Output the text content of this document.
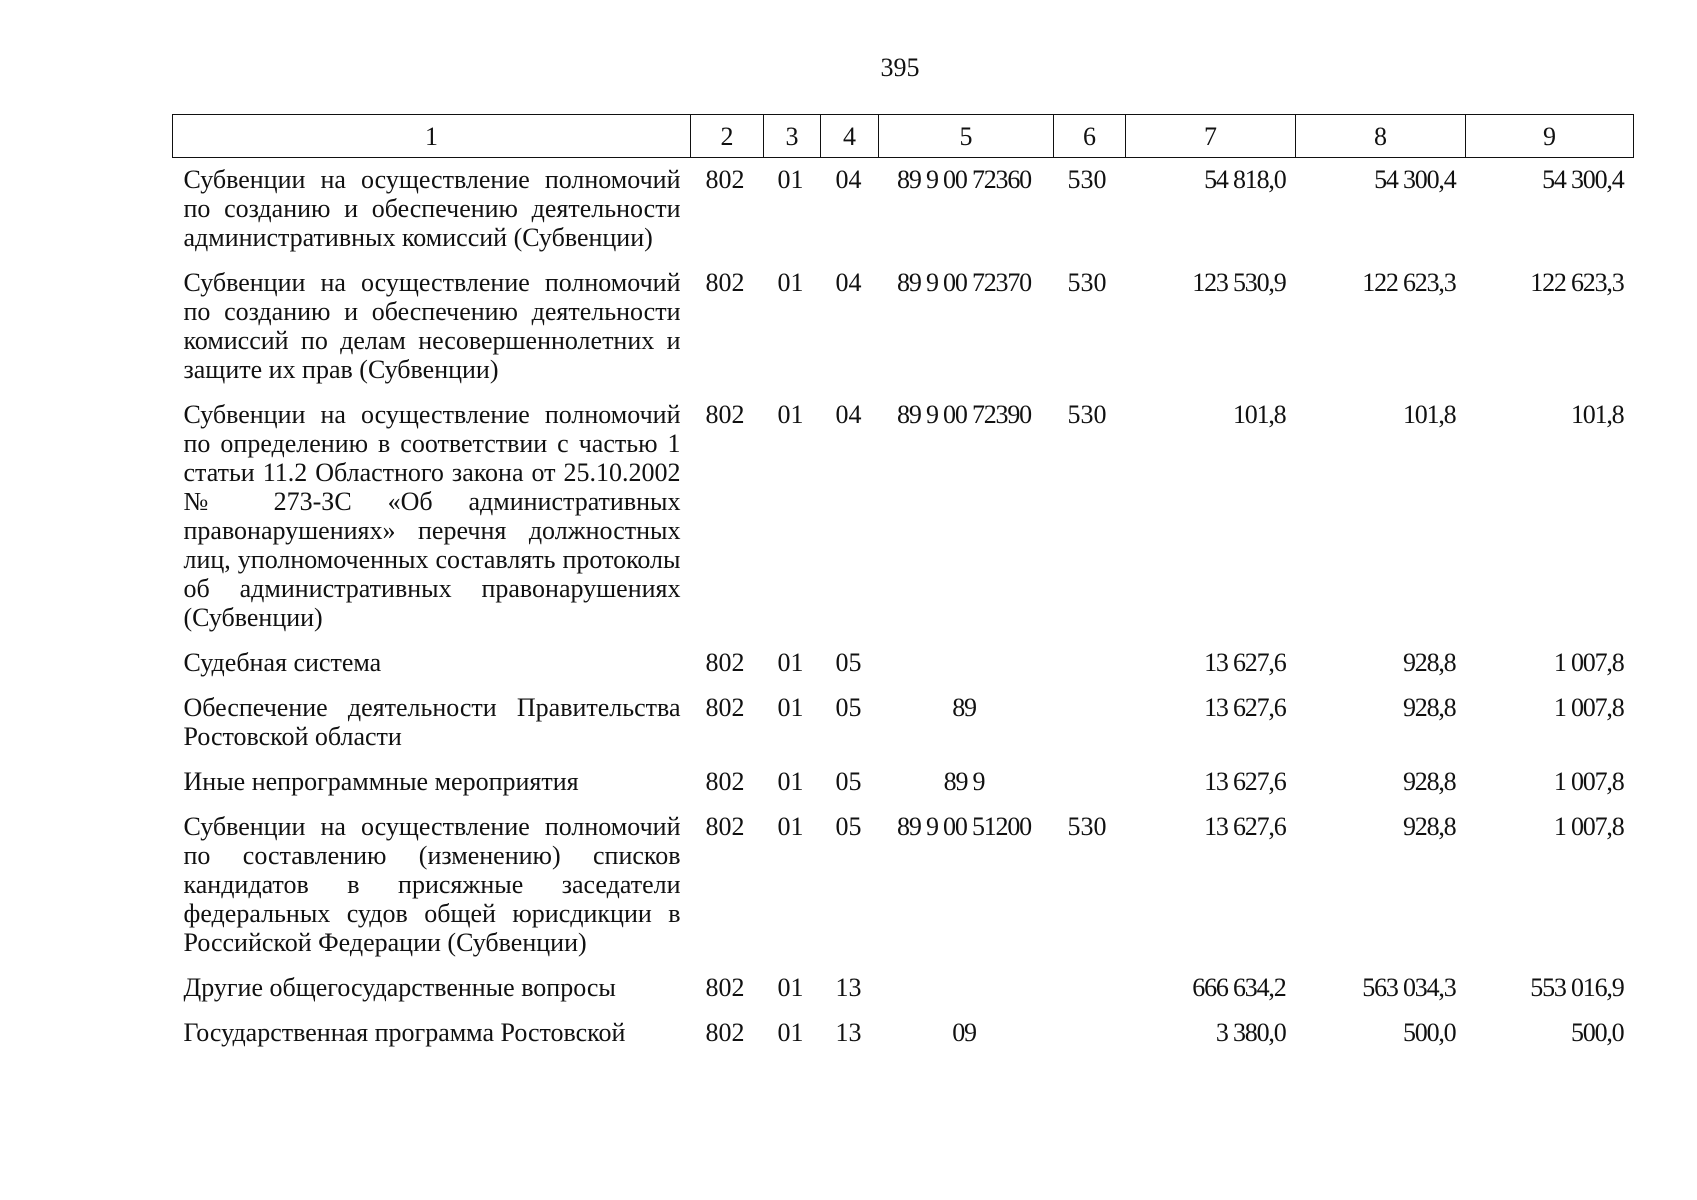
395
1	2	3	4	5	6	7	8	9
Субвенции на осуществление полномочий по созданию и обеспечению деятельности административных комиссий (Субвенции)	802	01	04	89 9 00 72360	530	54 818,0	54 300,4	54 300,4
Субвенции на осуществление полномочий по созданию и обеспечению деятельности комиссий по делам несовершеннолетних и защите их прав (Субвенции)	802	01	04	89 9 00 72370	530	123 530,9	122 623,3	122 623,3
Субвенции на осуществление полномочий по определению в соответствии с частью 1 статьи 11.2 Областного закона от 25.10.2002 № 273-ЗС «Об административных правонарушениях» перечня должностных лиц, уполномоченных составлять протоколы об административных правонарушениях (Субвенции)	802	01	04	89 9 00 72390	530	101,8	101,8	101,8
Судебная система	802	01	05			13 627,6	928,8	1 007,8
Обеспечение деятельности Правительства Ростовской области	802	01	05	89		13 627,6	928,8	1 007,8
Иные непрограммные мероприятия	802	01	05	89 9		13 627,6	928,8	1 007,8
Субвенции на осуществление полномочий по составлению (изменению) списков кандидатов в присяжные заседатели федеральных судов общей юрисдикции в Российской Федерации (Субвенции)	802	01	05	89 9 00 51200	530	13 627,6	928,8	1 007,8
Другие общегосударственные вопросы	802	01	13			666 634,2	563 034,3	553 016,9
Государственная программа Ростовской	802	01	13	09		3 380,0	500,0	500,0
